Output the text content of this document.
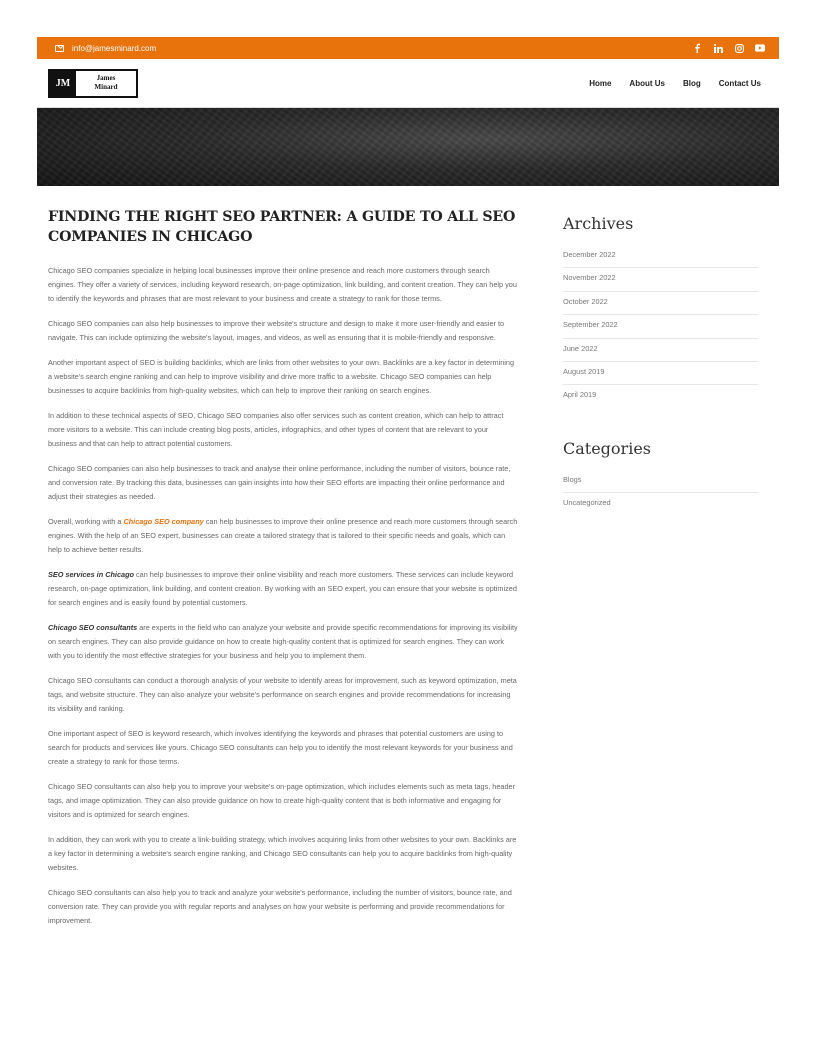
info@jamesminard.com
JM	James
Minard	Home About Us Blog Contact Us
FINDING THE RIGHT SEO PARTNER: A GUIDE TO ALL SEO COMPANIES IN CHICAGO

Chicago SEO companies specialize in helping local businesses improve their online presence and reach more customers through search engines. They offer a variety of services, including keyword research, on-page optimization, link building, and content creation. They can help you to identify the keywords and phrases that are most relevant to your business and create a strategy to rank for those terms.

Chicago SEO companies can also help businesses to improve their website's structure and design to make it more user-friendly and easier to navigate. This can include optimizing the website's layout, images, and videos, as well as ensuring that it is mobile-friendly and responsive.

Another important aspect of SEO is building backlinks, which are links from other websites to your own. Backlinks are a key factor in determining a website's search engine ranking and can help to improve visibility and drive more traffic to a website. Chicago SEO companies can help businesses to acquire backlinks from high-quality websites, which can help to improve their ranking on search engines.

In addition to these technical aspects of SEO, Chicago SEO companies also offer services such as content creation, which can help to attract more visitors to a website. This can include creating blog posts, articles, infographics, and other types of content that are relevant to your business and that can help to attract potential customers.

Chicago SEO companies can also help businesses to track and analyse their online performance, including the number of visitors, bounce rate, and conversion rate. By tracking this data, businesses can gain insights into how their SEO efforts are impacting their online performance and adjust their strategies as needed.

Overall, working with a Chicago SEO company can help businesses to improve their online presence and reach more customers through search engines. With the help of an SEO expert, businesses can create a tailored strategy that is tailored to their specific needs and goals, which can help to achieve better results.

SEO services in Chicago can help businesses to improve their online visibility and reach more customers. These services can include keyword research, on-page optimization, link building, and content creation. By working with an SEO expert, you can ensure that your website is optimized for search engines and is easily found by potential customers.

Chicago SEO consultants are experts in the field who can analyze your website and provide specific recommendations for improving its visibility on search engines. They can also provide guidance on how to create high-quality content that is optimized for search engines. They can work with you to identify the most effective strategies for your business and help you to implement them.

Chicago SEO consultants can conduct a thorough analysis of your website to identify areas for improvement, such as keyword optimization, meta tags, and website structure. They can also analyze your website's performance on search engines and provide recommendations for increasing its visibility and ranking.

One important aspect of SEO is keyword research, which involves identifying the keywords and phrases that potential customers are using to search for products and services like yours. Chicago SEO consultants can help you to identify the most relevant keywords for your business and create a strategy to rank for those terms.

Chicago SEO consultants can also help you to improve your website's on-page optimization, which includes elements such as meta tags, header tags, and image optimization. They can also provide guidance on how to create high-quality content that is both informative and engaging for visitors and is optimized for search engines.

In addition, they can work with you to create a link-building strategy, which involves acquiring links from other websites to your own. Backlinks are a key factor in determining a website's search engine ranking, and Chicago SEO consultants can help you to acquire backlinks from high-quality websites.

Chicago SEO consultants can also help you to track and analyze your website's performance, including the number of visitors, bounce rate, and conversion rate. They can provide you with regular reports and analyses on how your website is performing and provide recommendations for improvement.

Archives
December 2022
November 2022
October 2022
September 2022
June 2022
August 2019
April 2019
Categories
Blogs
Uncategorized
